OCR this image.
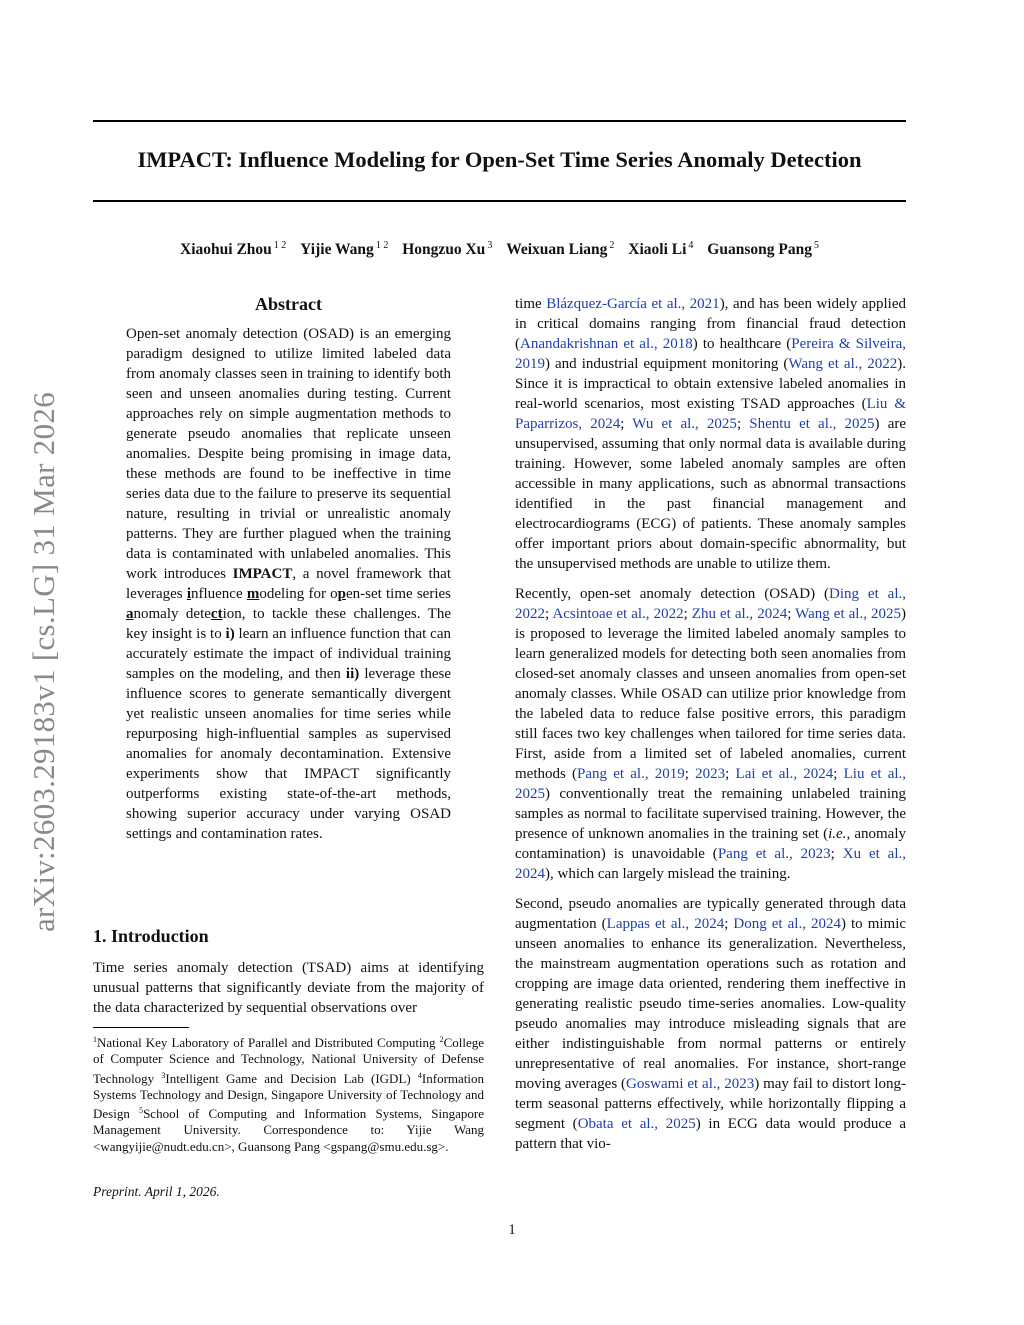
arXiv:2603.29183v1 [cs.LG] 31 Mar 2026
IMPACT: Influence Modeling for Open-Set Time Series Anomaly Detection
Xiaohui Zhou $^{1 2}$ Yijie Wang $^{1 2}$ Hongzuo Xu $^3$ Weixuan Liang $^2$ Xiaoli Li $^4$ Guansong Pang $^5$
Abstract

Open-set anomaly detection (OSAD) is an emerging paradigm designed to utilize limited labeled data from anomaly classes seen in training to identify both seen and unseen anomalies during testing. Current approaches rely on simple augmentation methods to generate pseudo anomalies that replicate unseen anomalies. Despite being promising in image data, these methods are found to be ineffective in time series data due to the failure to preserve its sequential nature, resulting in trivial or unrealistic anomaly patterns. They are further plagued when the training data is contaminated with unlabeled anomalies. This work introduces IMPACT, a novel framework that leverages influence modeling for open-set time series anomaly detection, to tackle these challenges. The key insight is to i) learn an influence function that can accurately estimate the impact of individual training samples on the modeling, and then ii) leverage these influence scores to generate semantically divergent yet realistic unseen anomalies for time series while repurposing high-influential samples as supervised anomalies for anomaly decontamination. Extensive experiments show that IMPACT significantly outperforms existing state-of-the-art methods, showing superior accuracy under varying OSAD settings and contamination rates.

1. Introduction

Time series anomaly detection (TSAD) aims at identifying unusual patterns that significantly deviate from the majority of the data characterized by sequential observations over

$^1$National Key Laboratory of Parallel and Distributed Computing $^2$College of Computer Science and Technology, National University of Defense Technology $^3$Intelligent Game and Decision Lab (IGDL) $^4$Information Systems Technology and Design, Singapore University of Technology and Design $^5$School of Computing and Information Systems, Singapore Management University. Correspondence to: Yijie Wang <wangyijie@nudt.edu.cn>, Guansong Pang <gspang@smu.edu.sg>.
Preprint. April 1, 2026.

time Blázquez-García et al., 2021), and has been widely applied in critical domains ranging from financial fraud detection (Anandakrishnan et al., 2018) to healthcare (Pereira & Silveira, 2019) and industrial equipment monitoring (Wang et al., 2022). Since it is impractical to obtain extensive labeled anomalies in real-world scenarios, most existing TSAD approaches (Liu & Paparrizos, 2024; Wu et al., 2025; Shentu et al., 2025) are unsupervised, assuming that only normal data is available during training. However, some labeled anomaly samples are often accessible in many applications, such as abnormal transactions identified in the past financial management and electrocardiograms (ECG) of patients. These anomaly samples offer important priors about domain-specific abnormality, but the unsupervised methods are unable to utilize them.

Recently, open-set anomaly detection (OSAD) (Ding et al., 2022; Acsintoae et al., 2022; Zhu et al., 2024; Wang et al., 2025) is proposed to leverage the limited labeled anomaly samples to learn generalized models for detecting both seen anomalies from closed-set anomaly classes and unseen anomalies from open-set anomaly classes. While OSAD can utilize prior knowledge from the labeled data to reduce false positive errors, this paradigm still faces two key challenges when tailored for time series data. First, aside from a limited set of labeled anomalies, current methods (Pang et al., 2019; 2023; Lai et al., 2024; Liu et al., 2025) conventionally treat the remaining unlabeled training samples as normal to facilitate supervised training. However, the presence of unknown anomalies in the training set (i.e., anomaly contamination) is unavoidable (Pang et al., 2023; Xu et al., 2024), which can largely mislead the training.

Second, pseudo anomalies are typically generated through data augmentation (Lappas et al., 2024; Dong et al., 2024) to mimic unseen anomalies to enhance its generalization. Nevertheless, the mainstream augmentation operations such as rotation and cropping are image data oriented, rendering them ineffective in generating realistic pseudo time-series anomalies. Low-quality pseudo anomalies may introduce misleading signals that are either indistinguishable from normal patterns or entirely unrepresentative of real anomalies. For instance, short-range moving averages (Goswami et al., 2023) may fail to distort long-term seasonal patterns effectively, while horizontally flipping a segment (Obata et al., 2025) in ECG data would produce a pattern that vio-

1
